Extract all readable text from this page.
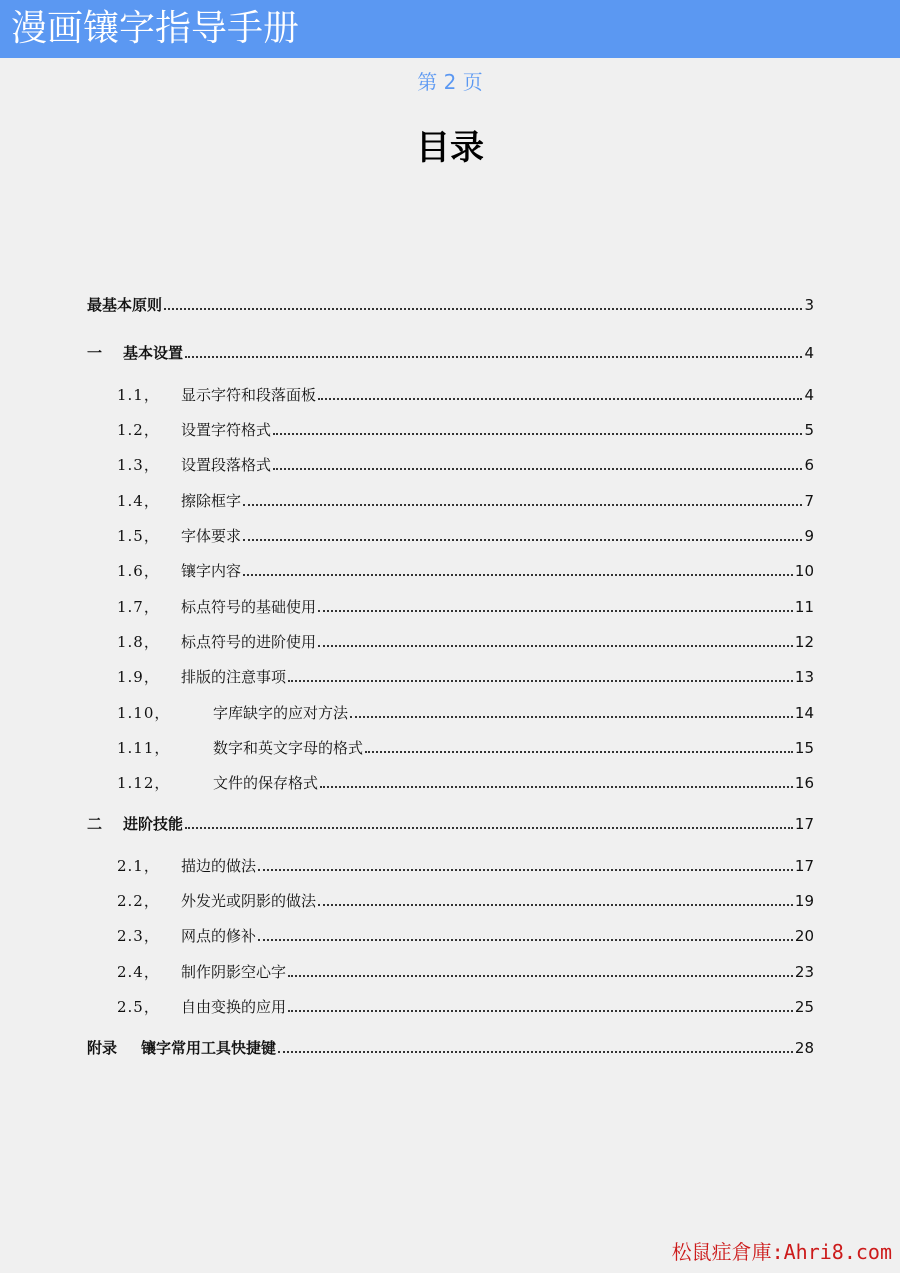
漫画镶字指导手册
第 2 页
目录
最基本原则	3
一	基本设置	4
1.1，	显示字符和段落面板	4
1.2，	设置字符格式	5
1.3，	设置段落格式	6
1.4，	擦除框字	7
1.5，	字体要求	9
1.6，	镶字内容	10
1.7，	标点符号的基础使用	11
1.8，	标点符号的进阶使用	12
1.9，	排版的注意事项	13
1.10，	字库缺字的应对方法	14
1.11，	数字和英文字母的格式	15
1.12，	文件的保存格式	16
二	进阶技能	17
2.1，	描边的做法	17
2.2，	外发光或阴影的做法	19
2.3，	网点的修补	20
2.4，	制作阴影空心字	23
2.5，	自由变换的应用	25
附录	镶字常用工具快捷键	28
松鼠症倉庫:Ahri8.com
